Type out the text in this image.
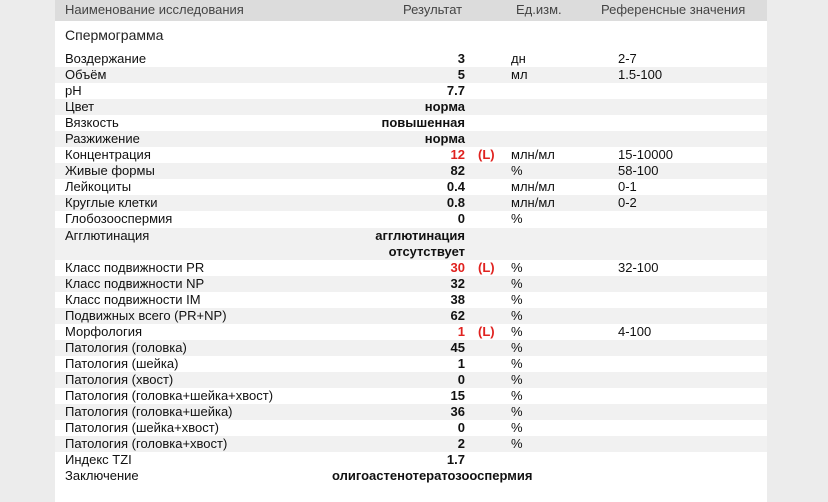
Наименование исследования	Результат	Ед.изм.	Референсные значения
Спермограмма
Воздержание	3	дн	2-7
Объём	5	мл	1.5-100
pH	7.7
Цвет	норма
Вязкость	повышенная
Разжижение	норма
Концентрация	12 (L) млн/мл	15-10000
Живые формы	82	%	58-100
Лейкоциты	0.4	млн/мл	0-1
Круглые клетки	0.8	млн/мл	0-2
Глобозооспермия	0	%
Агглютинация	агглютинация
отсутствует
Класс подвижности PR	30 (L) %	32-100
Класс подвижности NP	32	%
Класс подвижности IM	38	%
Подвижных всего (PR+NP)	62	%
Морфология	1 (L) %	4-100
Патология (головка)	45	%
Патология (шейка)	1	%
Патология (хвост)	0	%
Патология (головка+шейка+хвост)	15	%
Патология (головка+шейка)	36	%
Патология (шейка+хвост)	0	%
Патология (головка+хвост)	2	%
Индекс TZI	1.7
Заключение	олигоастенотератозооспермия
